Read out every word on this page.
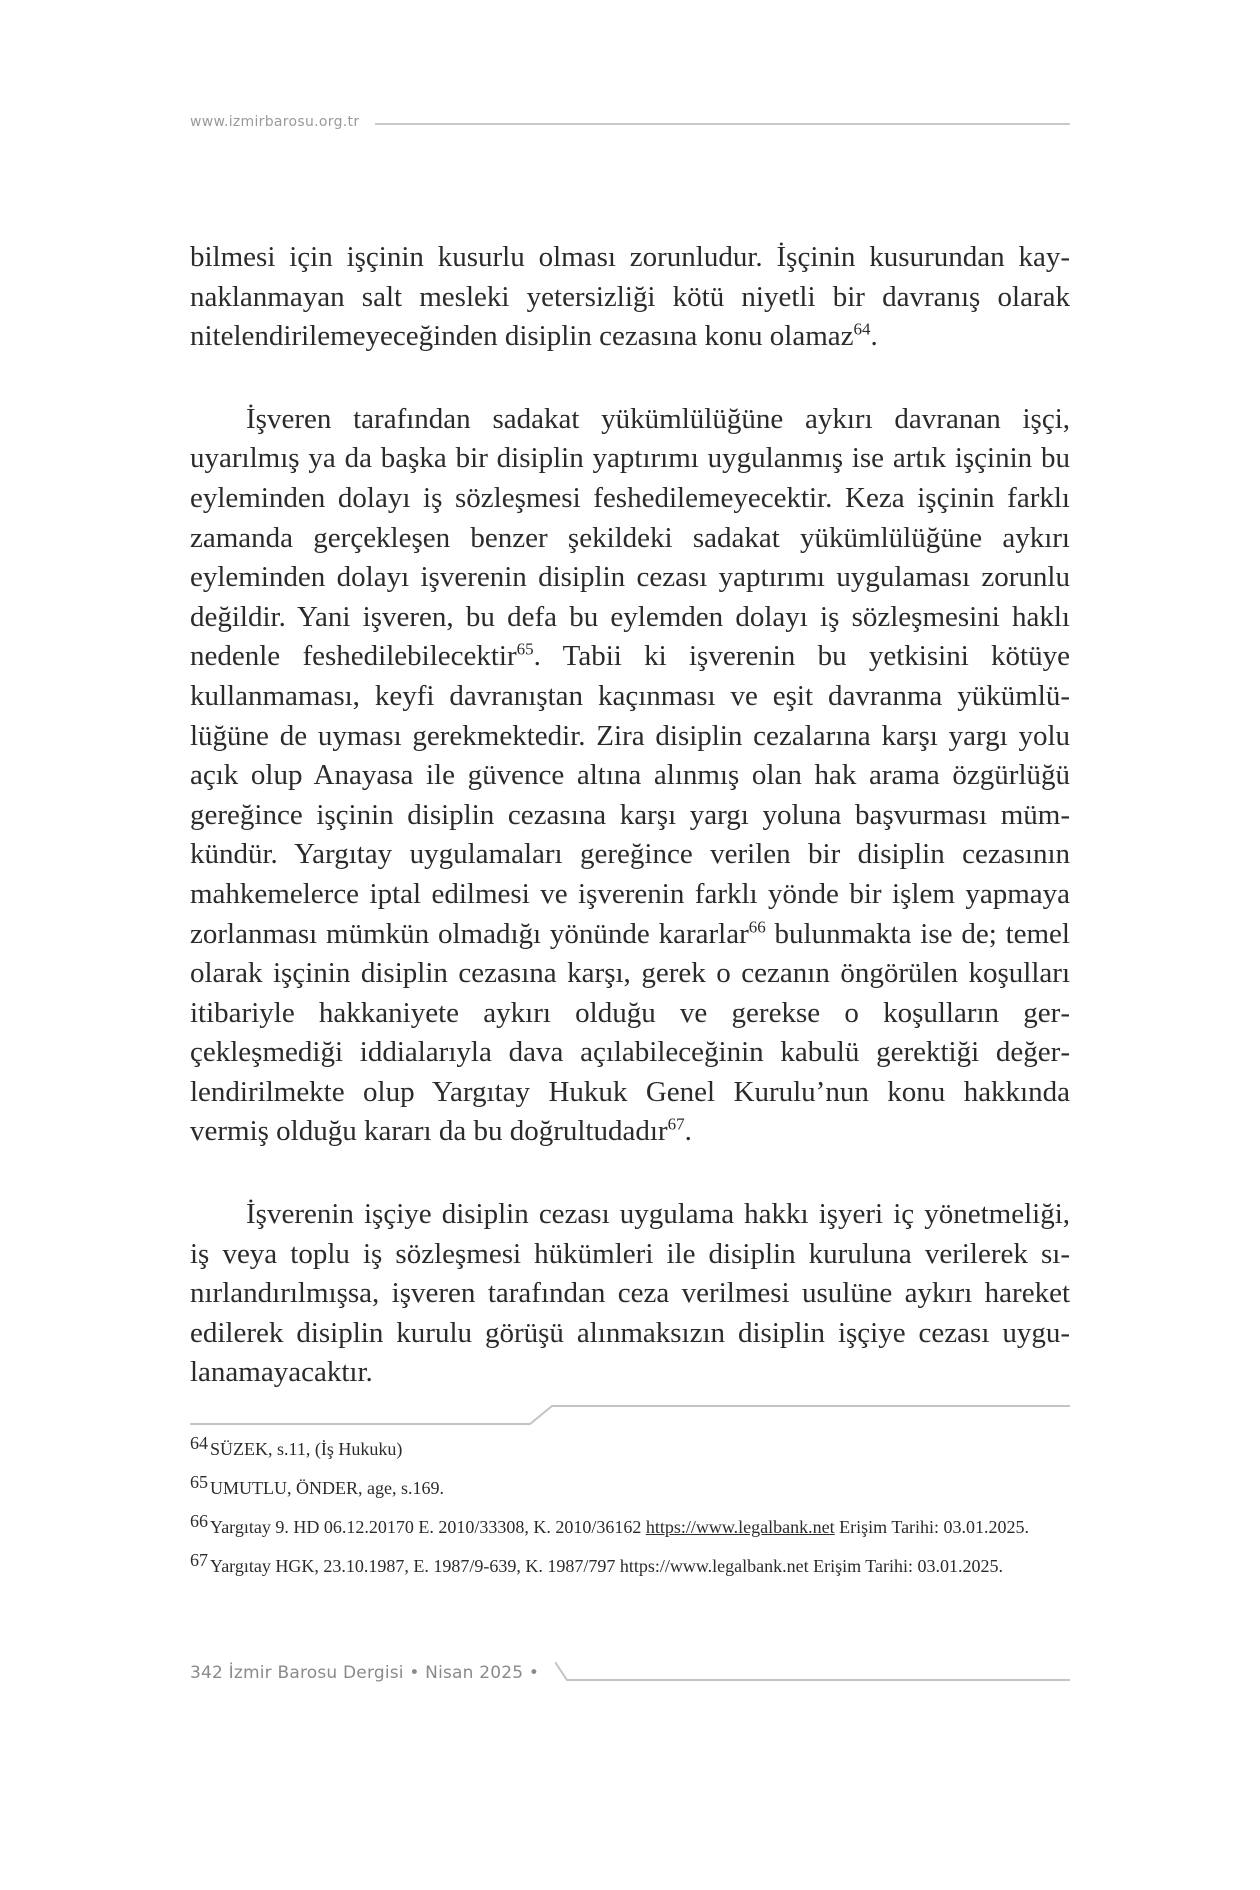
www.izmirbarosu.org.tr

bilmesi için işçinin kusurlu olması zorunludur. İşçinin kusurundan kaynaklanmayan salt mesleki yetersizliği kötü niyetli bir davranış olarak nitelendirilemeyeceğinden disiplin cezasına konu olamaz$^{64}$.

İşveren tarafından sadakat yükümlülüğüne aykırı davranan işçi, uyarılmış ya da başka bir disiplin yaptırımı uygulanmış ise artık işçinin bu eyleminden dolayı iş sözleşmesi feshedilemeyecektir. Keza işçinin farklı zamanda gerçekleşen benzer şekildeki sadakat yükümlülüğüne aykırı eyleminden dolayı işverenin disiplin cezası yaptırımı uygulaması zorunlu değildir. Yani işveren, bu defa bu eylemden dolayı iş sözleşmesini haklı nedenle feshedilebilecektir$^{65}$. Tabii ki işverenin bu yetkisini kötüye kullanmaması, keyfi davranıştan kaçınması ve eşit davranma yükümlülüğüne de uyması gerekmektedir. Zira disiplin cezalarına karşı yargı yolu açık olup Anayasa ile güvence altına alınmış olan hak arama özgürlüğü gereğince işçinin disiplin cezasına karşı yargı yoluna başvurması mümkündür. Yargıtay uygulamaları gereğince verilen bir disiplin cezasının mahkemelerce iptal edilmesi ve işverenin farklı yönde bir işlem yapmaya zorlanması mümkün olmadığı yönünde kararlar$^{66}$ bulunmakta ise de; temel olarak işçinin disiplin cezasına karşı, gerek o cezanın öngörülen koşulları itibariyle hakkaniyete aykırı olduğu ve gerekse o koşulların gerçekleşmediği iddialarıyla dava açılabileceğinin kabulü gerektiği değerlendirilmekte olup Yargıtay Hukuk Genel Kurulu’nun konu hakkında vermiş olduğu kararı da bu doğrultudadır$^{67}$.

İşverenin işçiye disiplin cezası uygulama hakkı işyeri iç yönetmeliği, iş veya toplu iş sözleşmesi hükümleri ile disiplin kuruluna verilerek sınırlandırılmışsa, işveren tarafından ceza verilmesi usulüne aykırı hareket edilerek disiplin kurulu görüşü alınmaksızın disiplin işçiye cezası uygulanamayacaktır.

64 SÜZEK, s.11, (İş Hukuku)
65 UMUTLU, ÖNDER, age, s.169.
66 Yargıtay 9. HD 06.12.20170 E. 2010/33308, K. 2010/36162 https://www.legalbank.net Erişim Tarihi: 03.01.2025.
67 Yargıtay HGK, 23.10.1987, E. 1987/9-639, K. 1987/797 https://www.legalbank.net Erişim Tarihi: 03.01.2025.
342 İzmir Barosu Dergisi • Nisan 2025 •
